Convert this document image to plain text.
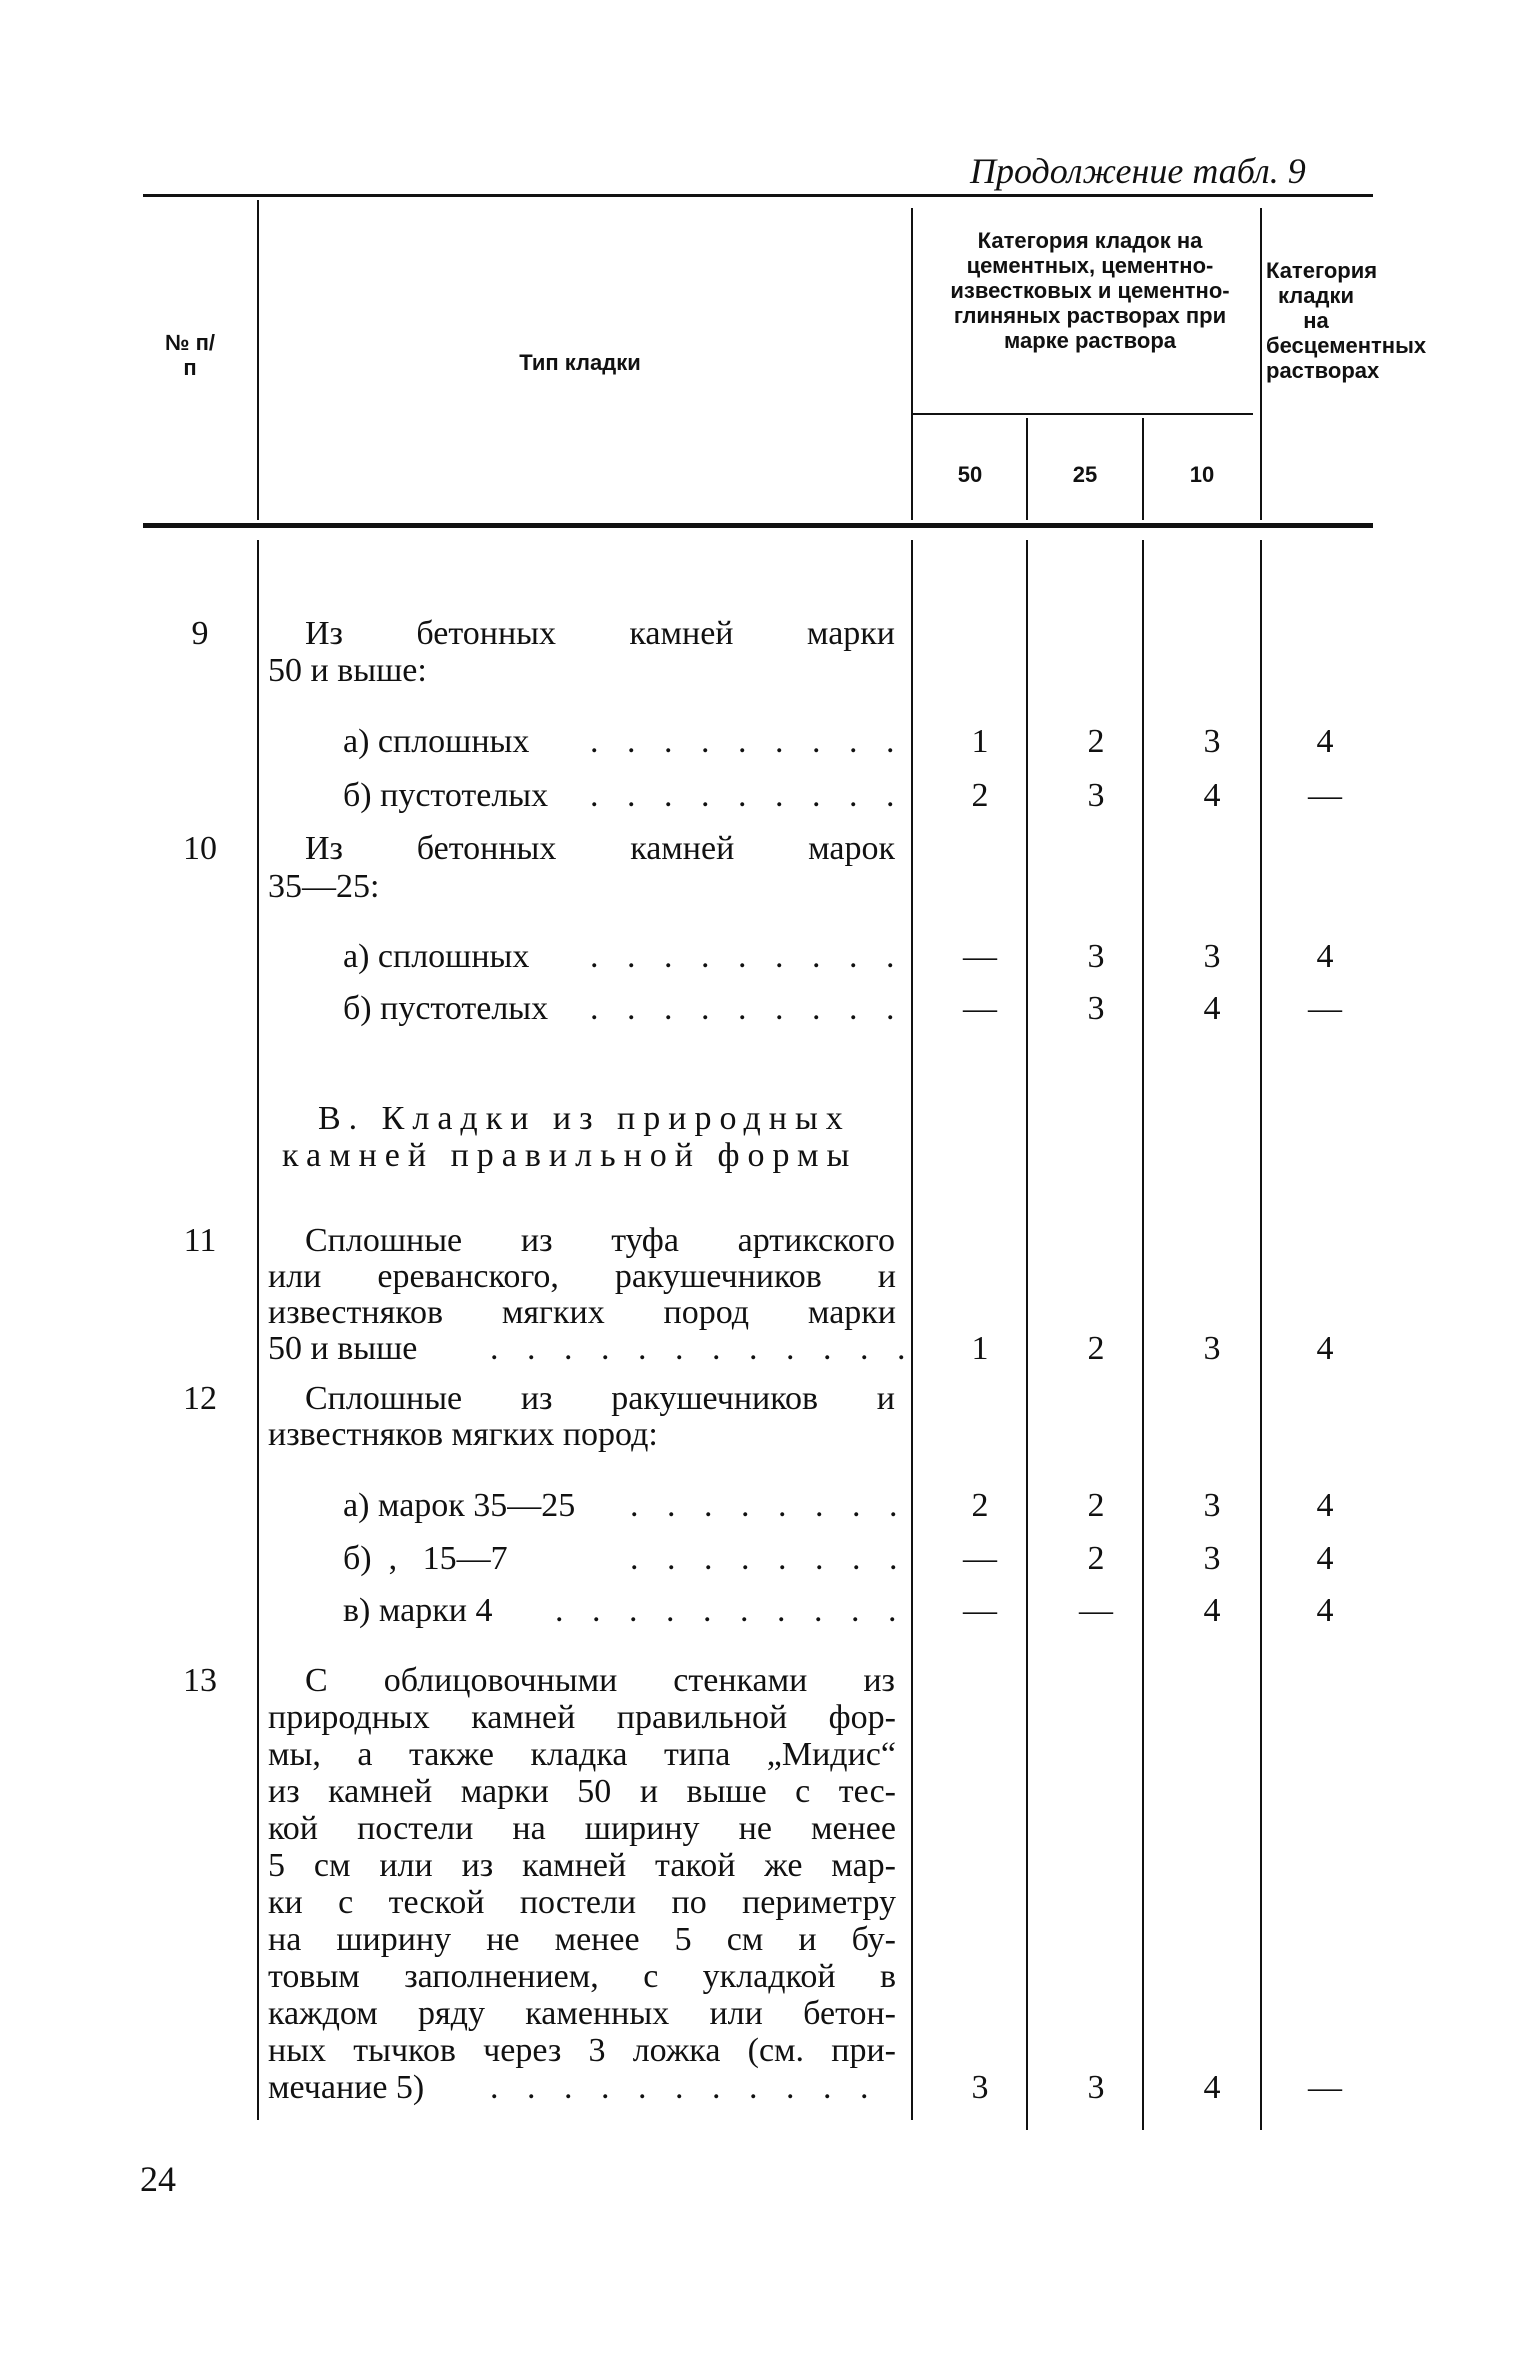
Продолжение табл. 9
№ п/п	Тип кладки
Категория кладок на цементных, цементно-известковых и цементно-глиняных растворах при марке раствора
50	25	10
Категория кладки на бесцементных растворах
9	Из бетонных камней марки
50 и выше:
а) сплошных . . . . . . . . .	1	2	3	4
б) пустотелых . . . . . . . . .	2	3	4	—
10	Из бетонных камней марок
35—25:
а) сплошных . . . . . . . . .	—	3	3	4
б) пустотелых . . . . . . . . .	—	3	4	—
В. Кладки из природных
камней правильной формы
11	Сплошные из туфа артикского
или ереванского, ракушечников и
известняков мягких пород марки
50 и выше . . . . . . . . . . . .	1	2	3	4
12	Сплошные из ракушечников и
известняков мягких пород:
а) марок 35—25 . . . . . . . .	2	2	3	4
б)  ,   15—7	. . . . . . . .	—	2	3	4
в) марки 4 . . . . . . . . . .	—	—	4	4
13	С облицовочными стенками из
природных камней правильной фор-
мы, а также кладка типа „Мидис“
из камней марки 50 и выше с тес-
кой постели на ширину не менее
5 см или из камней такой же мар-
ки с теской постели по периметру
на ширину не менее 5 см и бу-
товым заполнением, с укладкой в
каждом ряду каменных или бетон-
ных тычков через 3 ложка (см. при-
мечание 5) . . . . . . . . . . .	3	3	4	—
24
